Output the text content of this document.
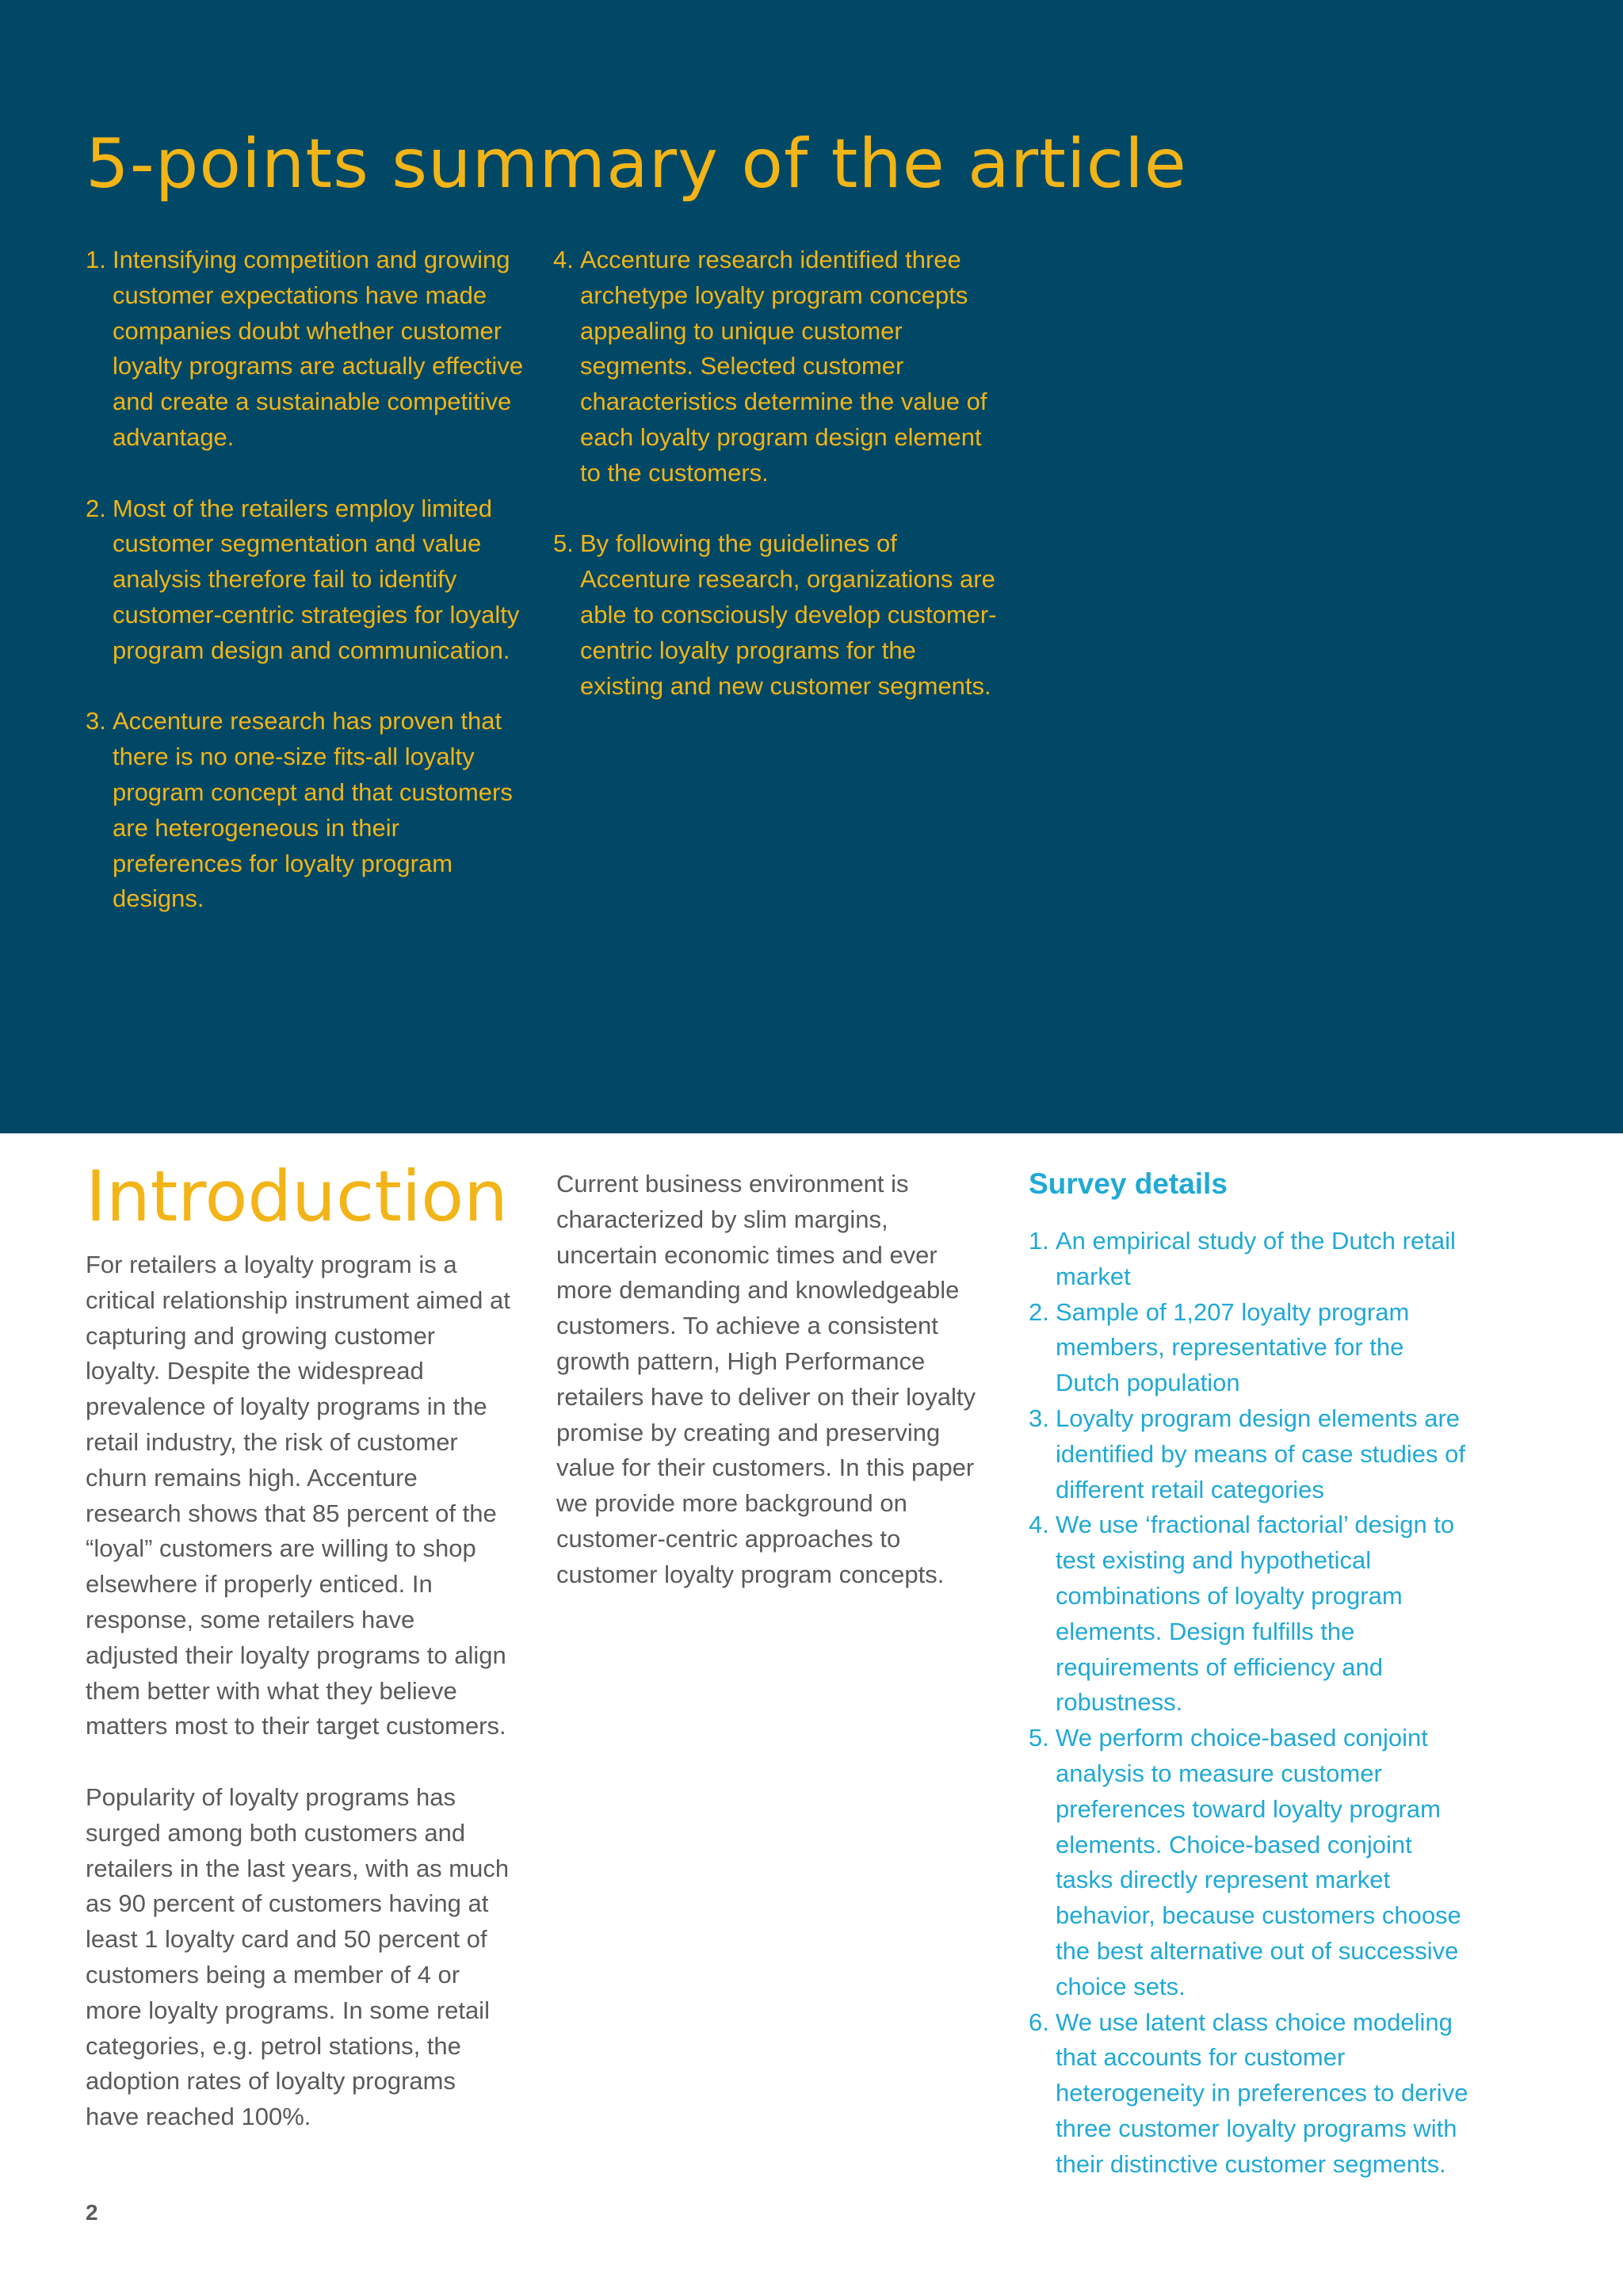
5-points summary of the article
1. Intensifying competition and growing customer expectations have made companies doubt whether customer loyalty programs are actually effective and create a sustainable competitive advantage.
2. Most of the retailers employ limited customer segmentation and value analysis therefore fail to identify customer-centric strategies for loyalty program design and communication.
3. Accenture research has proven that there is no one-size fits-all loyalty program concept and that customers are heterogeneous in their preferences for loyalty program designs.
4. Accenture research identified three archetype loyalty program concepts appealing to unique customer segments. Selected customer characteristics determine the value of each loyalty program design element to the customers.
5. By following the guidelines of Accenture research, organizations are able to consciously develop customer-centric loyalty programs for the existing and new customer segments.
Introduction

For retailers a loyalty program is a critical relationship instrument aimed at capturing and growing customer loyalty. Despite the widespread prevalence of loyalty programs in the retail industry, the risk of customer churn remains high. Accenture research shows that 85 percent of the “loyal” customers are willing to shop elsewhere if properly enticed. In response, some retailers have adjusted their loyalty programs to align them better with what they believe matters most to their target customers.

Popularity of loyalty programs has surged among both customers and retailers in the last years, with as much as 90 percent of customers having at least 1 loyalty card and 50 percent of customers being a member of 4 or more loyalty programs. In some retail categories, e.g. petrol stations, the adoption rates of loyalty programs have reached 100%.

Current business environment is characterized by slim margins, uncertain economic times and ever more demanding and knowledgeable customers. To achieve a consistent growth pattern, High Performance retailers have to deliver on their loyalty promise by creating and preserving value for their customers. In this paper we provide more background on customer-centric approaches to customer loyalty program concepts.

Survey details
1. An empirical study of the Dutch retail market
2. Sample of 1,207 loyalty program members, representative for the Dutch population
3. Loyalty program design elements are identified by means of case studies of different retail categories
4. We use ‘fractional factorial’ design to test existing and hypothetical combinations of loyalty program elements. Design fulfills the requirements of efficiency and robustness.
5. We perform choice-based conjoint analysis to measure customer preferences toward loyalty program elements. Choice-based conjoint tasks directly represent market behavior, because customers choose the best alternative out of successive choice sets.
6. We use latent class choice modeling that accounts for customer heterogeneity in preferences to derive three customer loyalty programs with their distinctive customer segments.
2
